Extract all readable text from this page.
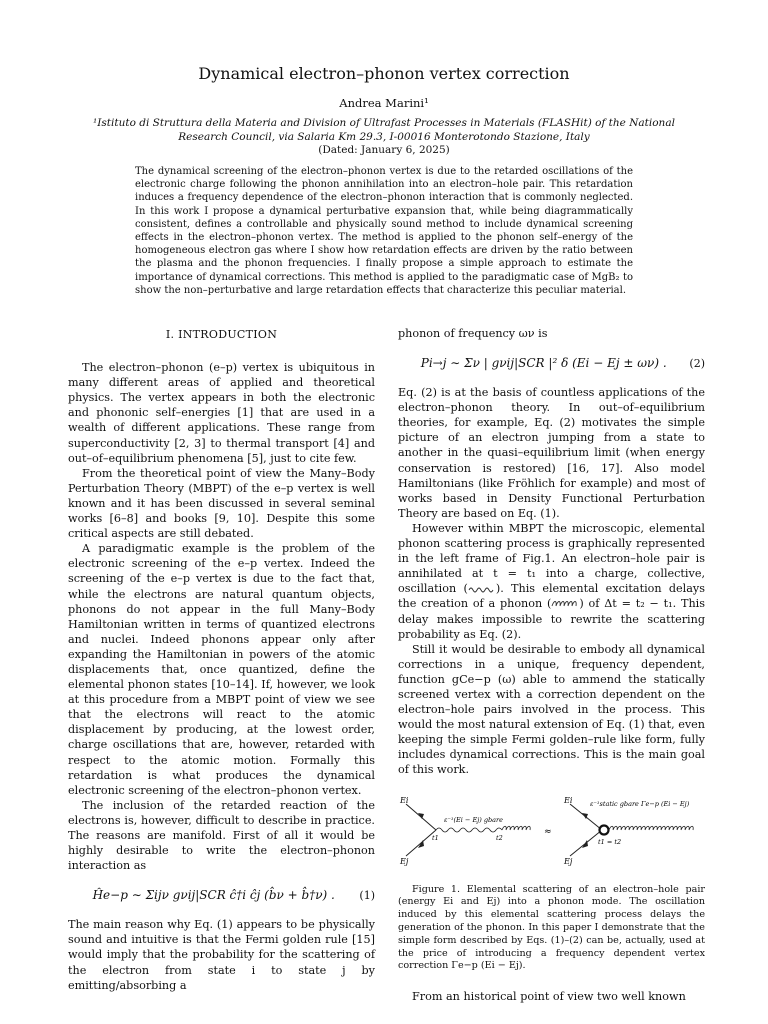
Dynamical electron–phonon vertex correction
Andrea Marini¹
¹Istituto di Struttura della Materia and Division of Ultrafast Processes in Materials (FLASHit) of the National Research Council, via Salaria Km 29.3, I-00016 Monterotondo Stazione, Italy
(Dated: January 6, 2025)
The dynamical screening of the electron–phonon vertex is due to the retarded oscillations of the electronic charge following the phonon annihilation into an electron–hole pair. This retardation induces a frequency dependence of the electron–phonon interaction that is commonly neglected. In this work I propose a dynamical perturbative expansion that, while being diagrammatically consistent, defines a controllable and physically sound method to include dynamical screening effects in the electron–phonon vertex. The method is applied to the phonon self–energy of the homogeneous electron gas where I show how retardation effects are driven by the ratio between the plasma and the phonon frequencies. I finally propose a simple approach to estimate the importance of dynamical corrections. This method is applied to the paradigmatic case of MgB₂ to show the non–perturbative and large retardation effects that characterize this peculiar material.
I. INTRODUCTION

The electron–phonon (e–p) vertex is ubiquitous in many different areas of applied and theoretical physics. The vertex appears in both the electronic and phononic self–energies [1] that are used in a wealth of different applications. These range from superconductivity [2, 3] to thermal transport [4] and out–of–equilibrium phenomena [5], just to cite few.

From the theoretical point of view the Many–Body Perturbation Theory (MBPT) of the e–p vertex is well known and it has been discussed in several seminal works [6–8] and books [9, 10]. Despite this some critical aspects are still debated.

A paradigmatic example is the problem of the electronic screening of the e–p vertex. Indeed the screening of the e–p vertex is due to the fact that, while the electrons are natural quantum objects, phonons do not appear in the full Many–Body Hamiltonian written in terms of quantized electrons and nuclei. Indeed phonons appear only after expanding the Hamiltonian in powers of the atomic displacements that, once quantized, define the elemental phonon states [10–14]. If, however, we look at this procedure from a MBPT point of view we see that the electrons will react to the atomic displacement by producing, at the lowest order, charge oscillations that are, however, retarded with respect to the atomic motion. Formally this retardation is what produces the dynamical electronic screening of the electron–phonon vertex.

The inclusion of the retarded reaction of the electrons is, however, difficult to describe in practice. The reasons are manifold. First of all it would be highly desirable to write the electron–phonon interaction as

Ĥe−p ∼ Σijν gνij|SCR ĉ†i ĉj (b̂ν + b̂†ν) .	(1)

The main reason why Eq. (1) appears to be physically sound and intuitive is that the Fermi golden rule [15] would imply that the probability for the scattering of the electron from state i to state j by emitting/absorbing a

phonon of frequency ων is

Pi→j ∼ Σν | gνij|SCR |² δ (Ei − Ej ± ων) .	(2)

Eq. (2) is at the basis of countless applications of the electron–phonon theory. In out–of–equilibrium theories, for example, Eq. (2) motivates the simple picture of an electron jumping from a state to another in the quasi–equilibrium limit (when energy conservation is restored) [16, 17]. Also model Hamiltonians (like Fröhlich for example) and most of works based in Density Functional Perturbation Theory are based on Eq. (1).

However within MBPT the microscopic, elemental phonon scattering process is graphically represented in the left frame of Fig.1. An electron–hole pair is annihilated at t = t₁ into a charge, collective, oscillation (	). This elemental excitation delays the creation of a phonon (	) of Δt = t₂ − t₁. This delay makes impossible to rewrite the scattering probability as Eq. (2).

Still it would be desirable to embody all dynamical corrections in a unique, frequency dependent, function gCe−p (ω) able to ammend the statically screened vertex with a correction dependent on the electron–hole pairs involved in the process. This would the most natural extension of Eq. (1) that, even keeping the simple Fermi golden–rule like form, fully includes dynamical corrections. This is the main goal of this work.

Ei
Ej
t1	t2
ε⁻¹(Ei − Ej) gbare
≈
Ei
Ej
ε⁻¹static gbare Γe−p (Ei − Ej)
t1 = t2

Figure 1. Elemental scattering of an electron–hole pair (energy Ei and Ej) into a phonon mode. The oscillation induced by this elemental scattering process delays the generation of the phonon. In this paper I demonstrate that the simple form described by Eqs. (1)–(2) can be, actually, used at the price of introducing a frequency dependent vertex correction Γe−p (Ei − Ej).

From an historical point of view two well known
